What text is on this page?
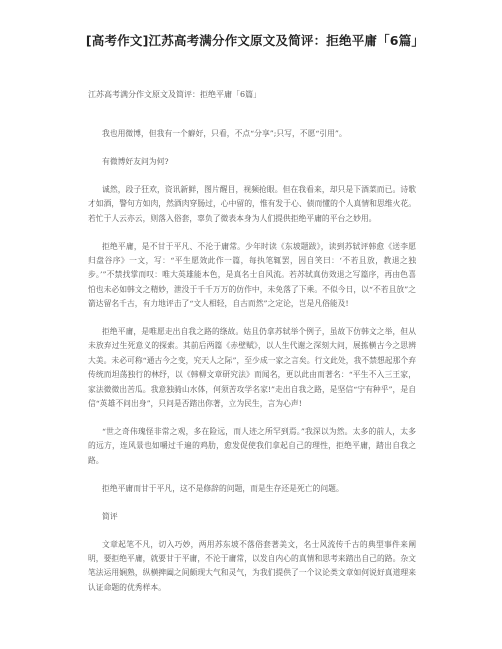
[高考作文]江苏高考满分作文原文及简评：拒绝平庸「6篇」

江苏高考满分作文原文及简评：拒绝平庸「6篇」

我也用微博，但我有一个癖好，只看，不点“分享”;只写，不愿“引用”。

有微博好友问为何?

诚然，段子狂欢，资讯新鲜，图片醒目，视频抢眼。但在我看来，却只是下酒菜而已。诗歌才如酒，警句方如肉，然酒肉穿肠过，心中留的，惟有发于心、债而懂的个人真情和思维火花。若忙于人云亦云，则落入俗套，辜负了微表本身为人们提供拒绝平庸的平台之妙用。

拒绝平庸，是不甘于平凡、不沦于庸常。少年时读《东坡题跋》，读到苏轼评韩愈《送李愿归盘谷序》一文，写：“平生愿效此作一篇，每执笔辄罢，因自笑曰：‘不若且放，教退之独步。’”不禁找掌而叹：唯大英雄能本色，是真名士自风流。若苏轼真仿效退之写篇序，再由色喜怕也未必如韩文之精妙，泄没于千千万万的仿作中，未免落了下乘。不似今日，以“不若且放”之箭达留名千古，有力地评击了“文人相轻，自古而然”之定论，岂是凡俗能及!

拒绝平庸，是唯愿走出自我之路的绦故。姑且仍拿苏轼举个例子，虽故下仿韩文之举，但从未放弃过生死意义的探索。其前后两篇《赤壁赋》，以人生代谢之深刻大问，展拣横古今之思辨大美。未必可称“通古今之变，究天人之际”，至少成一家之言矣。行文此处，我不禁想起那个弃传统而坦荡独行的林纾，以《韩柳文章研究法》而闻名，更以此由而著名：“平生不入三王家，家法微微出苦瓜。我意独骑山水体，何须苦攻学名家!”走出自我之路，是坚信“宁有种乎”，是自信“英雄不问出身”，只问是否踏出你著，立为民生，言为心声!

“世之奇伟瑰怪非常之观，多在险远，而人迹之所罕到焉。”我深以为然。太多的前人，太多的远方，连风景也如嚼过千遍的鸡肋，愈发促使我们拿起自己的理性，拒绝平庸，踏出自我之路。

拒绝平庸而甘于平凡，这不是修辞的问题，而是生存还是死亡的问题。

简评

文章起笔不凡，切入巧妙，两用苏东坡不落俗套著美文，名士风流传千古的典型事件来阐明，要拒绝平庸，就要甘于平庸，不沦于庸常，以发自内心的真情和思考来踏出自己的路。杂文笔法运用娴熟，纵横捭阖之间颇现大气和灵气，为我们提供了一个议论类文章如何说好真道理来认证命题的优秀样本。
